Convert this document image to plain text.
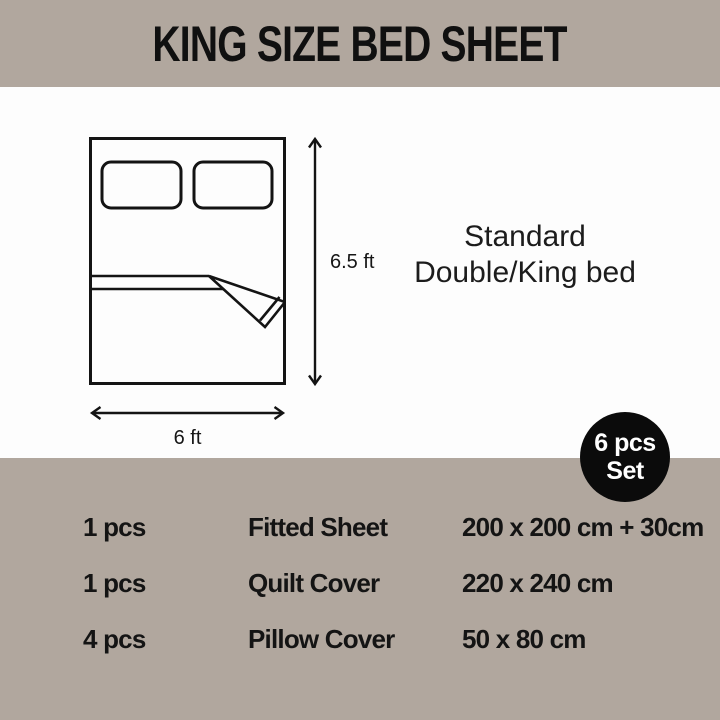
KING SIZE BED SHEET
6.5 ft
6 ft
Standard
Double/King bed
6 pcs
Set
1 pcs	Fitted Sheet	200 x 200 cm + 30cm
1 pcs	Quilt Cover	220 x 240 cm
4 pcs	Pillow Cover	50 x 80 cm
